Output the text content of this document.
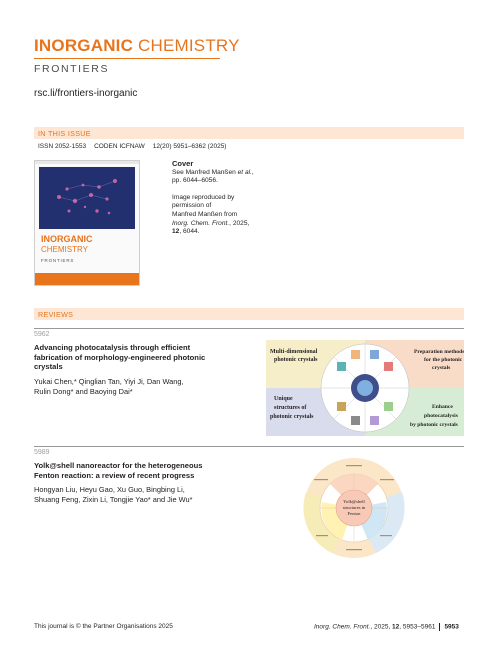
INORGANIC CHEMISTRY
FRONTIERS
rsc.li/frontiers-inorganic
IN THIS ISSUE
ISSN 2052-1553 CODEN ICFNAW 12(20) 5951–6362 (2025)
INORGANIC
CHEMISTRY
FRONTIERS
Cover
See Manfred Manßen et al.,
pp. 6044–6056.
Image reproduced by
permission of
Manfred Manßen from
Inorg. Chem. Front., 2025,
12, 6044.
REVIEWS
5962
Advancing photocatalysis through efficient
fabrication of morphology-engineered photonic
crystals
Yukai Chen,* Qinglian Tan, Yiyi Ji, Dan Wang,
Rulin Dong* and Baoying Dai*
Multi-dimensional
photonic crystals
Preparation methods
for the photonic
crystals
Unique
structures of
photonic crystals
Enhance
photocatalysis
by photonic crystals
5989
Yolk@shell nanoreactor for the heterogeneous
Fenton reaction: a review of recent progress
Hongyan Liu, Heyu Gao, Xu Guo, Bingbing Li,
Shuang Feng, Zixin Li, Tongjie Yao* and Jie Wu*	Yolk@shell
structures in
Fenton
This journal is © the Partner Organisations 2025	Inorg. Chem. Front., 2025, 12, 5953–5961 5953
